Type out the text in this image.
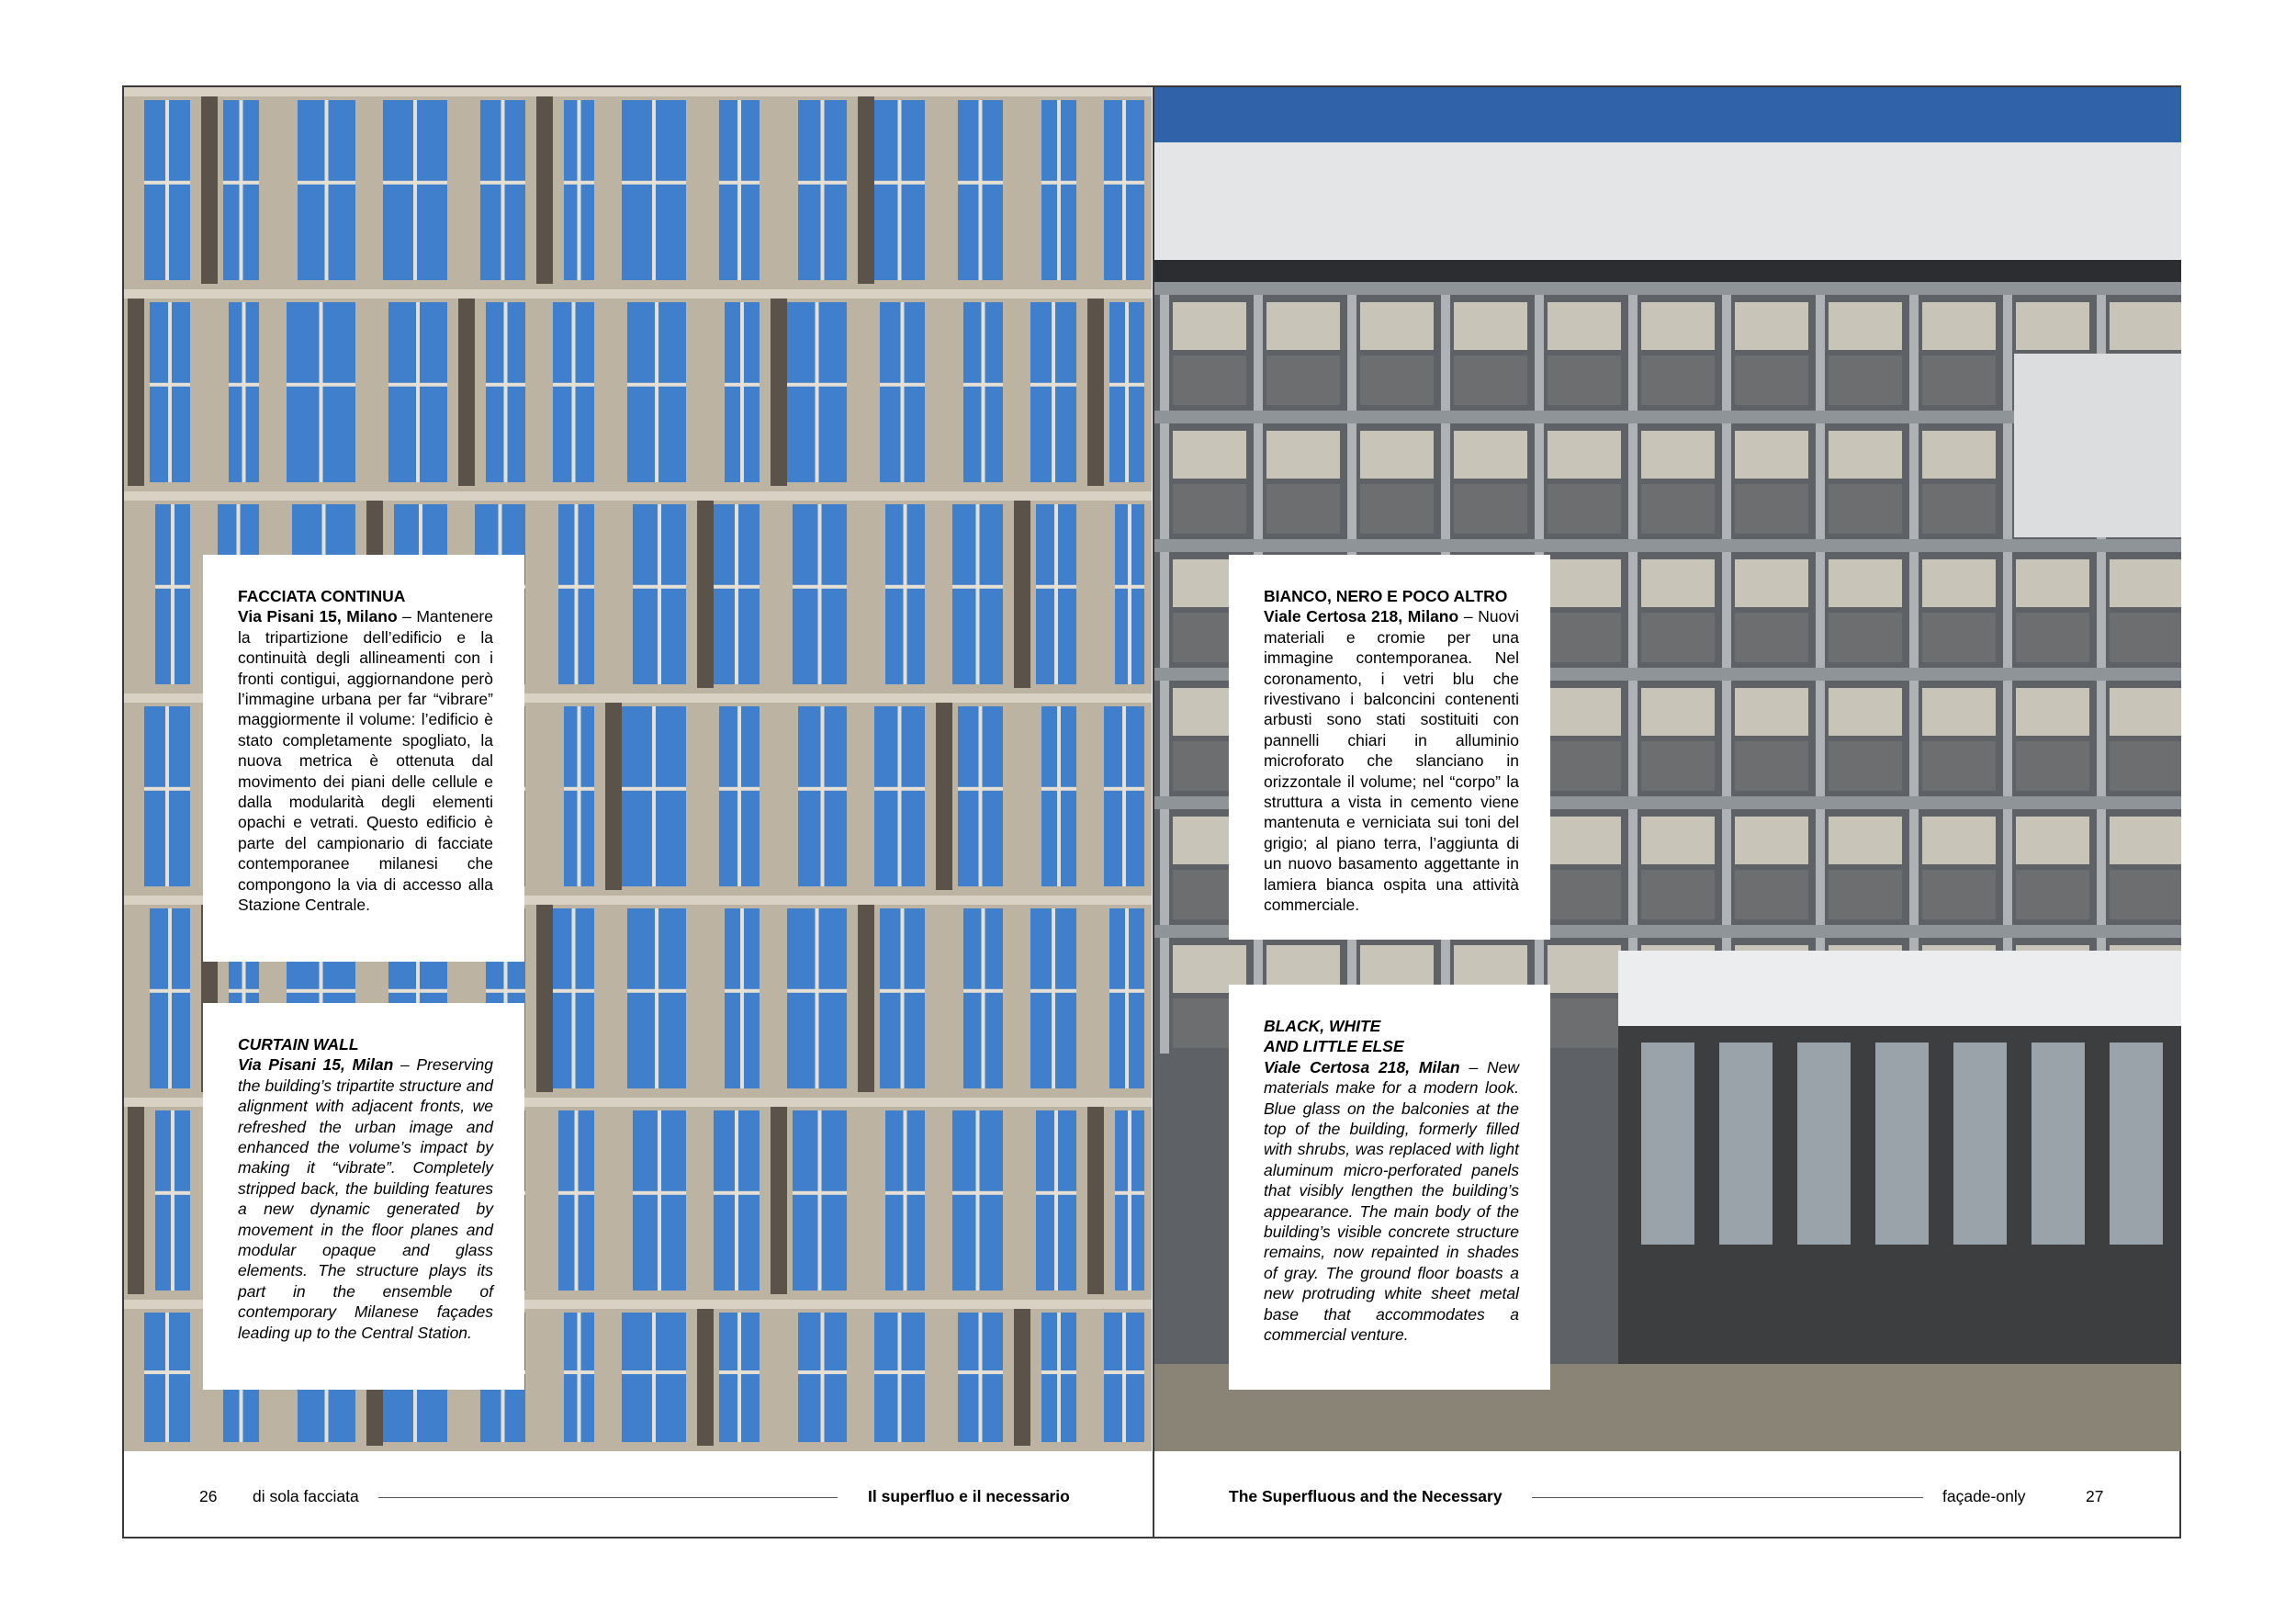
FACCIATA CONTINUA

Via Pisani 15, Milano – Mantenere la tripartizione dell’edificio e la continuità degli allineamenti con i fronti contigui, aggiornandone però l’immagine urbana per far “vibrare” maggiormente il volume: l’edificio è stato completamente spogliato, la nuova metrica è ottenuta dal movimento dei piani delle cellule e dalla modularità degli elementi opachi e vetrati. Questo edificio è parte del campionario di facciate contemporanee milanesi che compongono la via di accesso alla Stazione Centrale.

CURTAIN WALL

Via Pisani 15, Milan – Preserving the building’s tripartite structure and alignment with adjacent fronts, we refreshed the urban image and enhanced the volume’s impact by making it “vibrate”. Completely stripped back, the building features a new dynamic generated by movement in the floor planes and modular opaque and glass elements. The structure plays its part in the ensemble of contemporary Milanese façades leading up to the Central Station.

BIANCO, NERO E POCO ALTRO

Viale Certosa 218, Milano – Nuovi materiali e cromie per una immagine contemporanea. Nel coronamento, i vetri blu che rivestivano i balconcini contenenti arbusti sono stati sostituiti con pannelli chiari in alluminio microforato che slanciano in orizzontale il volume; nel “corpo” la struttura a vista in cemento viene mantenuta e verniciata sui toni del grigio; al piano terra, l’aggiunta di un nuovo basamento aggettante in lamiera bianca ospita una attività commerciale.

BLACK, WHITE
AND LITTLE ELSE

Viale Certosa 218, Milan – New materials make for a modern look. Blue glass on the balconies at the top of the building, formerly filled with shrubs, was replaced with light aluminum micro-perforated panels that visibly lengthen the building’s appearance. The main body of the building’s visible concrete structure remains, now repainted in shades of gray. The ground floor boasts a new protruding white sheet metal base that accommodates a commercial venture.

26 di sola facciata	Il superfluo e il necessario	The Superfluous and the Necessary	façade-only	27
